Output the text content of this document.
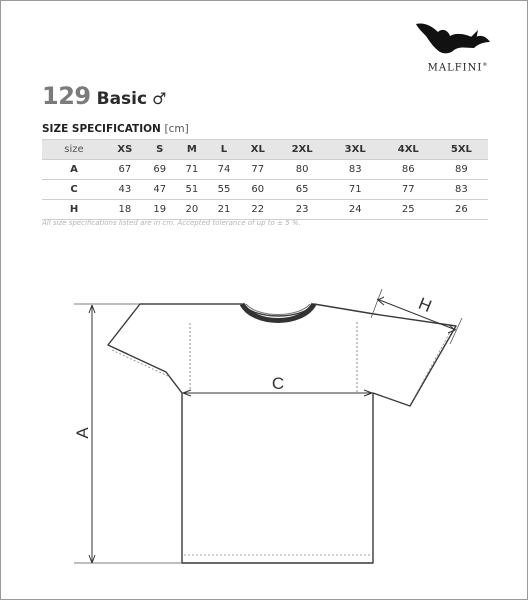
MALFINI®
129 Basic ♂
SIZE SPECIFICATION [cm]
size	XS	S	M	L	XL	2XL	3XL	4XL	5XL
A	67	69	71	74	77	80	83	86	89
C	43	47	51	55	60	65	71	77	83
H	18	19	20	21	22	23	24	25	26
All size specifications listed are in cm. Accepted tolerance of up to ± 5 %.
A
C
H
